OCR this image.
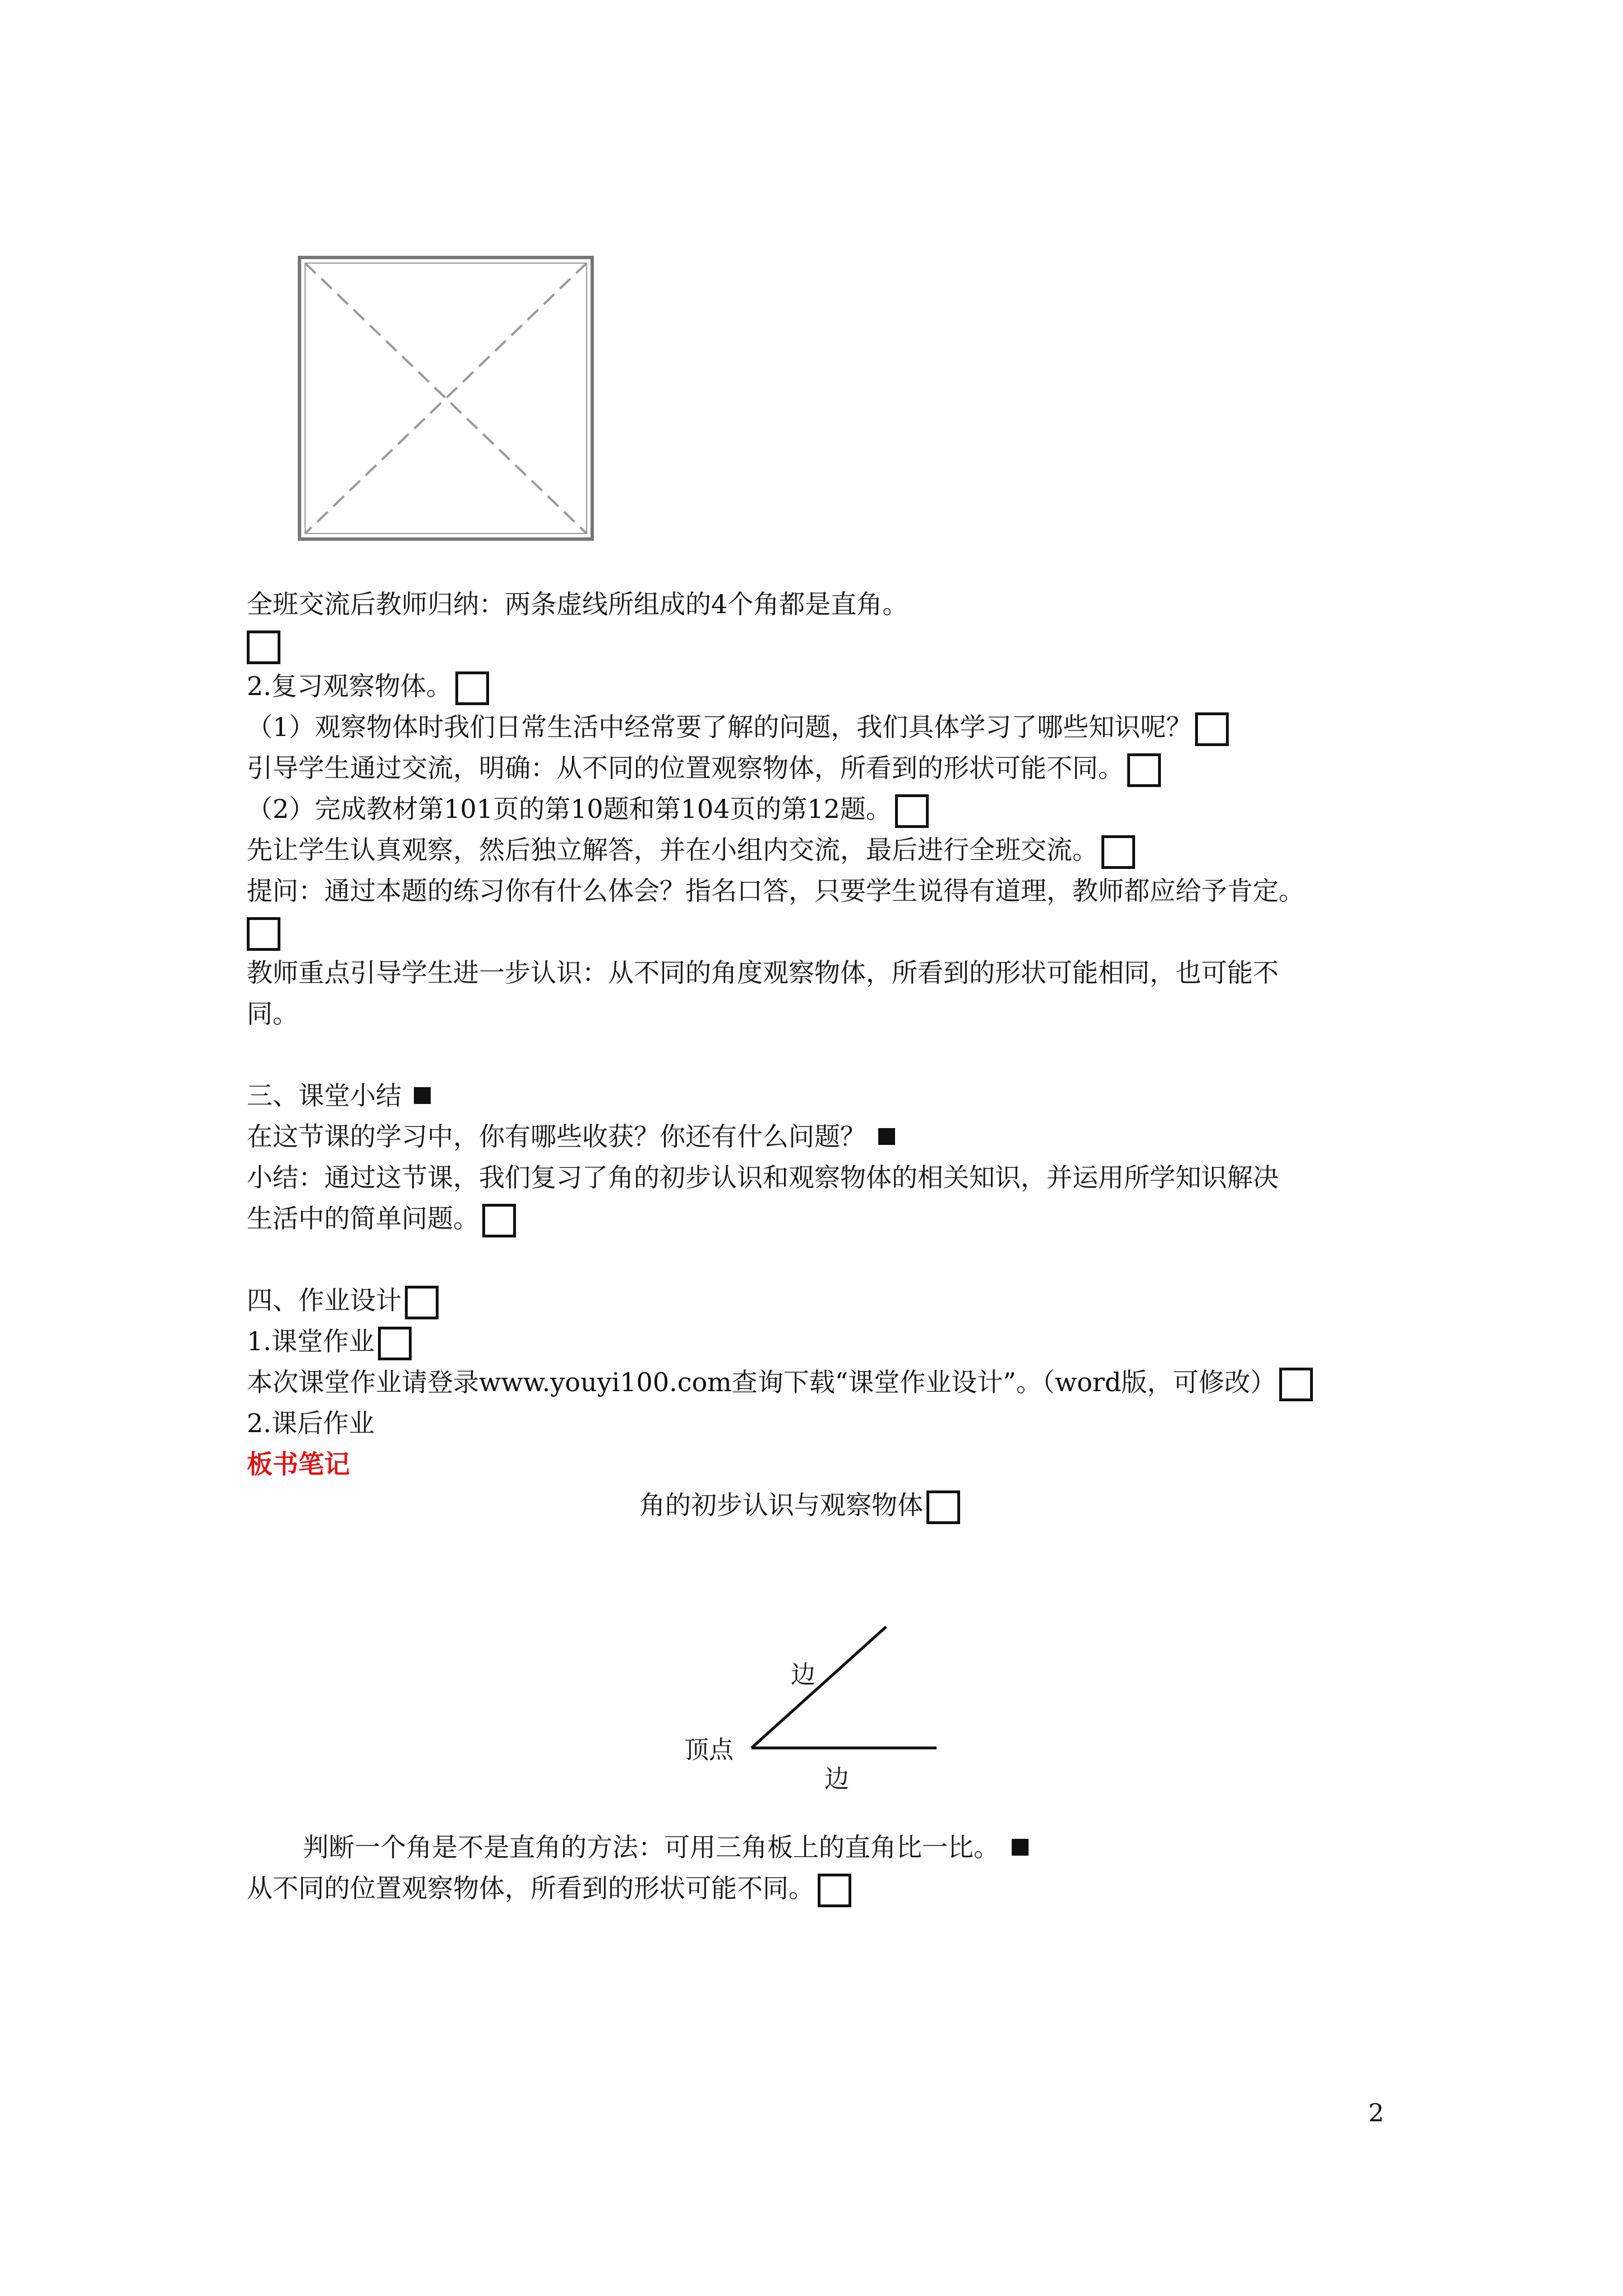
全班交流后教师归纳：两条虚线所组成的4个角都是直角。
2.复习观察物体。
（1）观察物体时我们日常生活中经常要了解的问题，我们具体学习了哪些知识呢？
引导学生通过交流，明确：从不同的位置观察物体，所看到的形状可能不同。
（2）完成教材第101页的第10题和第104页的第12题。
先让学生认真观察，然后独立解答，并在小组内交流，最后进行全班交流。
提问：通过本题的练习你有什么体会？指名口答，只要学生说得有道理，教师都应给予肯定。
教师重点引导学生进一步认识：从不同的角度观察物体，所看到的形状可能相同，也可能不
同。
三、课堂小结
在这节课的学习中，你有哪些收获？你还有什么问题？
小结：通过这节课，我们复习了角的初步认识和观察物体的相关知识，并运用所学知识解决
生活中的简单问题。
四、作业设计
1.课堂作业
本次课堂作业请登录www.youyi100.com查询下载“课堂作业设计”。（word版，可修改）
2.课后作业
板书笔记
角的初步认识与观察物体
顶点
边
边
判断一个角是不是直角的方法：可用三角板上的直角比一比。
从不同的位置观察物体，所看到的形状可能不同。
2
